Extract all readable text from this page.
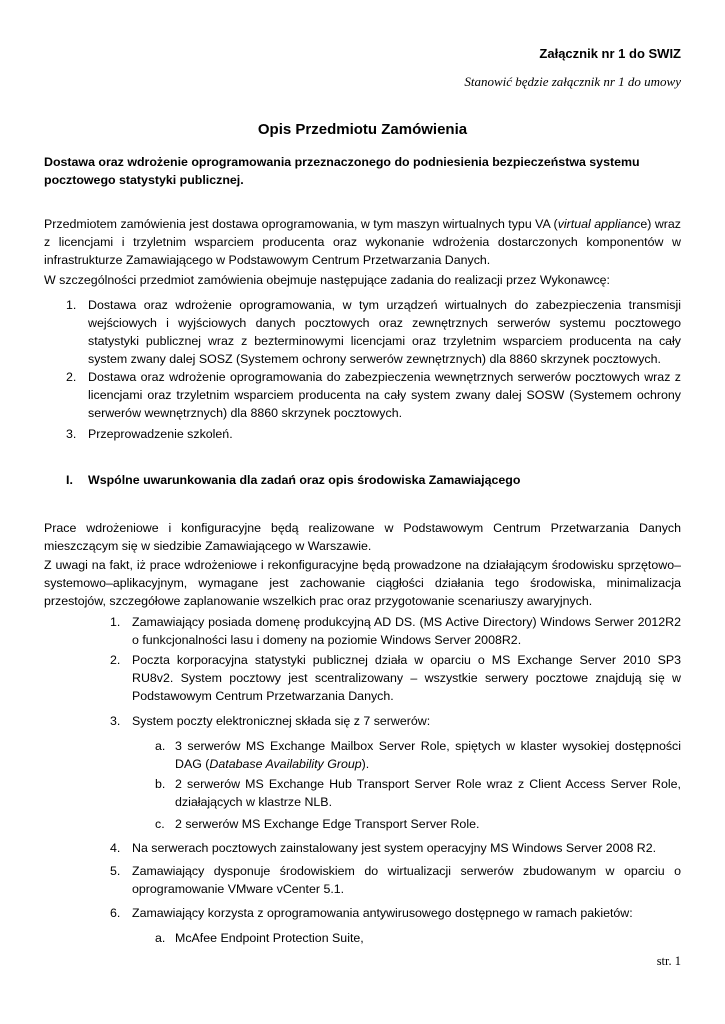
Załącznik nr 1 do SWIZ
Stanowić będzie załącznik nr 1 do umowy
Opis Przedmiotu Zamówienia
Dostawa oraz wdrożenie oprogramowania przeznaczonego do podniesienia bezpieczeństwa systemu pocztowego statystyki publicznej.
Przedmiotem zamówienia jest dostawa oprogramowania, w tym maszyn wirtualnych typu VA (virtual appliance) wraz z licencjami i trzyletnim wsparciem producenta oraz wykonanie wdrożenia dostarczonych komponentów w infrastrukturze Zamawiającego w Podstawowym Centrum Przetwarzania Danych.
W szczególności przedmiot zamówienia obejmuje następujące zadania do realizacji przez Wykonawcę:
1. Dostawa oraz wdrożenie oprogramowania, w tym urządzeń wirtualnych do zabezpieczenia transmisji wejściowych i wyjściowych danych pocztowych oraz zewnętrznych serwerów systemu pocztowego statystyki publicznej wraz z bezterminowymi licencjami oraz trzyletnim wsparciem producenta na cały system zwany dalej SOSZ (Systemem ochrony serwerów zewnętrznych) dla 8860 skrzynek pocztowych.
2. Dostawa oraz wdrożenie oprogramowania do zabezpieczenia wewnętrznych serwerów pocztowych wraz z licencjami oraz trzyletnim wsparciem producenta na cały system zwany dalej SOSW (Systemem ochrony serwerów wewnętrznych) dla 8860 skrzynek pocztowych.
3. Przeprowadzenie szkoleń.
I. Wspólne uwarunkowania dla zadań oraz opis środowiska Zamawiającego
Prace wdrożeniowe i konfiguracyjne będą realizowane w Podstawowym Centrum Przetwarzania Danych mieszczącym się w siedzibie Zamawiającego w Warszawie.
Z uwagi na fakt, iż prace wdrożeniowe i rekonfiguracyjne będą prowadzone na działającym środowisku sprzętowo–systemowo–aplikacyjnym, wymagane jest zachowanie ciągłości działania tego środowiska, minimalizacja przestojów, szczegółowe zaplanowanie wszelkich prac oraz przygotowanie scenariuszy awaryjnych.
1. Zamawiający posiada domenę produkcyjną AD DS. (MS Active Directory) Windows Serwer 2012R2 o funkcjonalności lasu i domeny na poziomie Windows Server 2008R2.
2. Poczta korporacyjna statystyki publicznej działa w oparciu o MS Exchange Server 2010 SP3 RU8v2. System pocztowy jest scentralizowany – wszystkie serwery pocztowe znajdują się w Podstawowym Centrum Przetwarzania Danych.
3. System poczty elektronicznej składa się z 7 serwerów:
a. 3 serwerów MS Exchange Mailbox Server Role, spiętych w klaster wysokiej dostępności DAG (Database Availability Group).
b. 2 serwerów MS Exchange Hub Transport Server Role wraz z Client Access Server Role, działających w klastrze NLB.
c. 2 serwerów MS Exchange Edge Transport Server Role.
4. Na serwerach pocztowych zainstalowany jest system operacyjny MS Windows Server 2008 R2.
5. Zamawiający dysponuje środowiskiem do wirtualizacji serwerów zbudowanym w oparciu o oprogramowanie VMware vCenter 5.1.
6. Zamawiający korzysta z oprogramowania antywirusowego dostępnego w ramach pakietów:
a. McAfee Endpoint Protection Suite,
str. 1
